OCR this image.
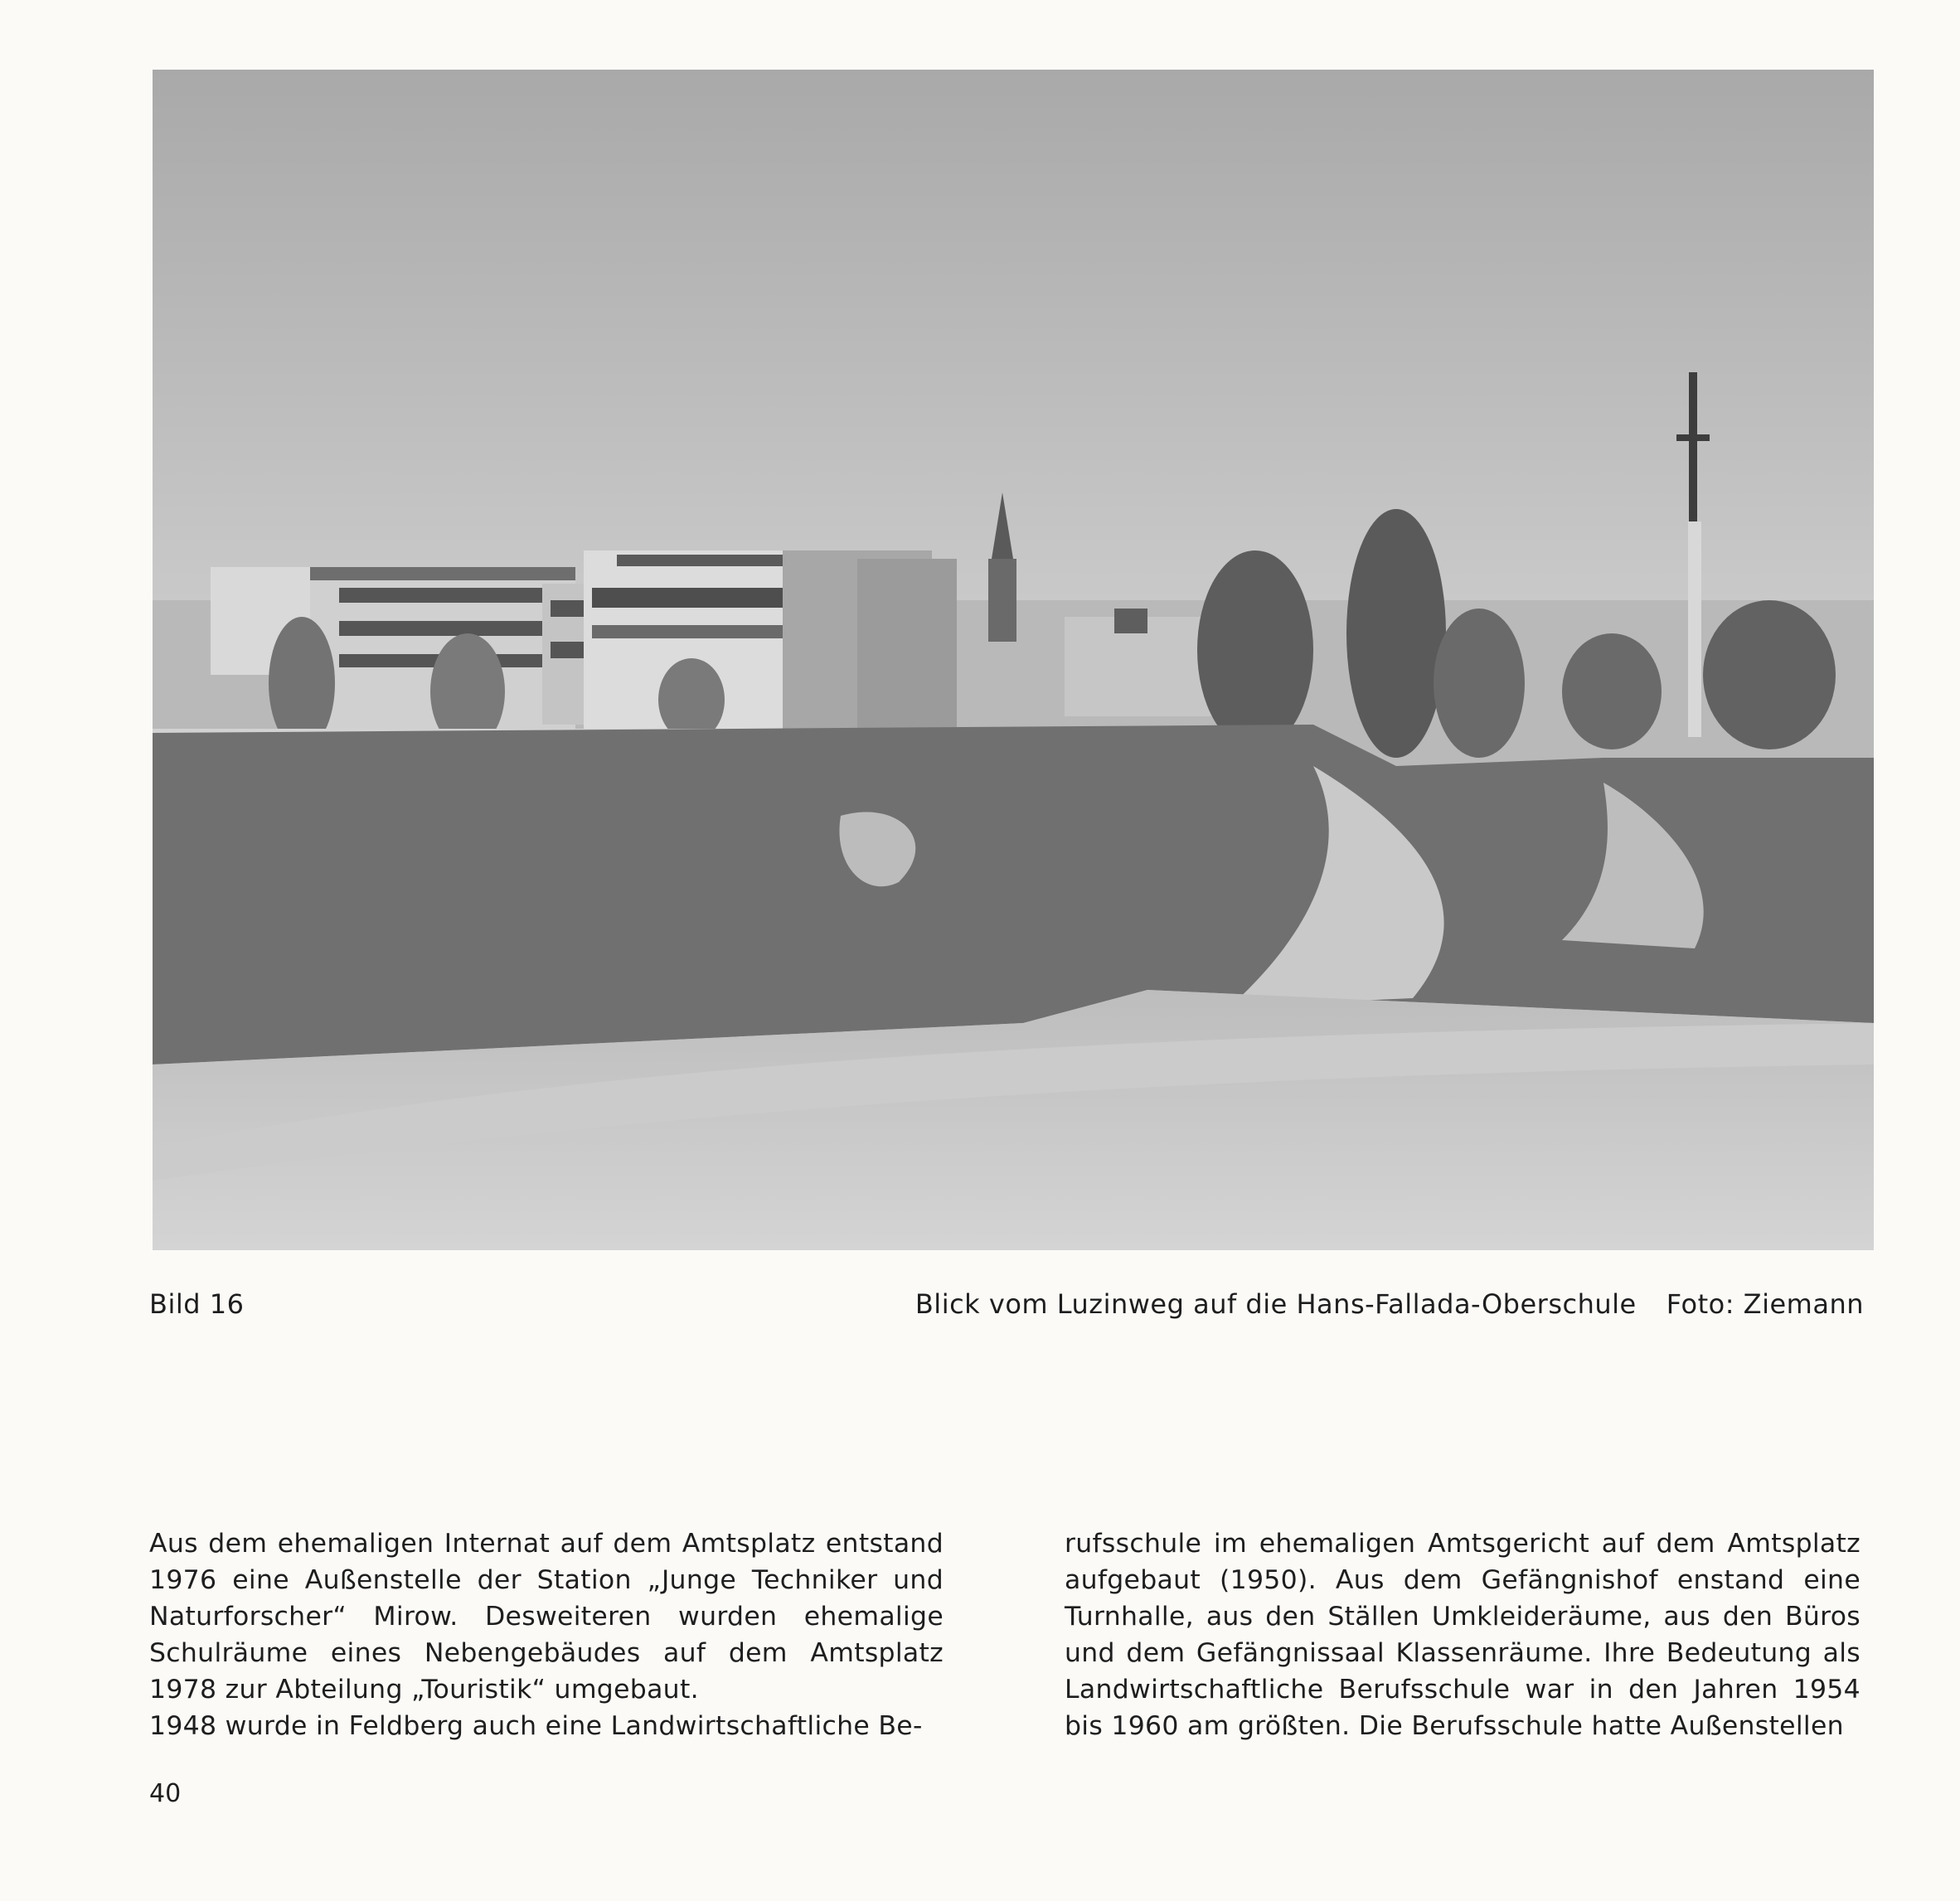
Bild 16	Blick vom Luzinweg auf die Hans-Fallada-Oberschule Foto: Ziemann

Aus dem ehemaligen Internat auf dem Amtsplatz entstand 1976 eine Außenstelle der Station „Junge Techniker und Naturforscher“ Mirow. Desweiteren wurden ehemalige Schulräume eines Nebengebäudes auf dem Amtsplatz 1978 zur Abteilung „Touristik“ umgebaut.

1948 wurde in Feldberg auch eine Landwirtschaftliche Be-

rufsschule im ehemaligen Amtsgericht auf dem Amtsplatz aufgebaut (1950). Aus dem Gefängnishof enstand eine Turnhalle, aus den Ställen Umkleideräume, aus den Büros und dem Gefängnissaal Klassenräume. Ihre Bedeutung als Landwirtschaftliche Berufsschule war in den Jahren 1954 bis 1960 am größten. Die Berufsschule hatte Außenstellen

40
